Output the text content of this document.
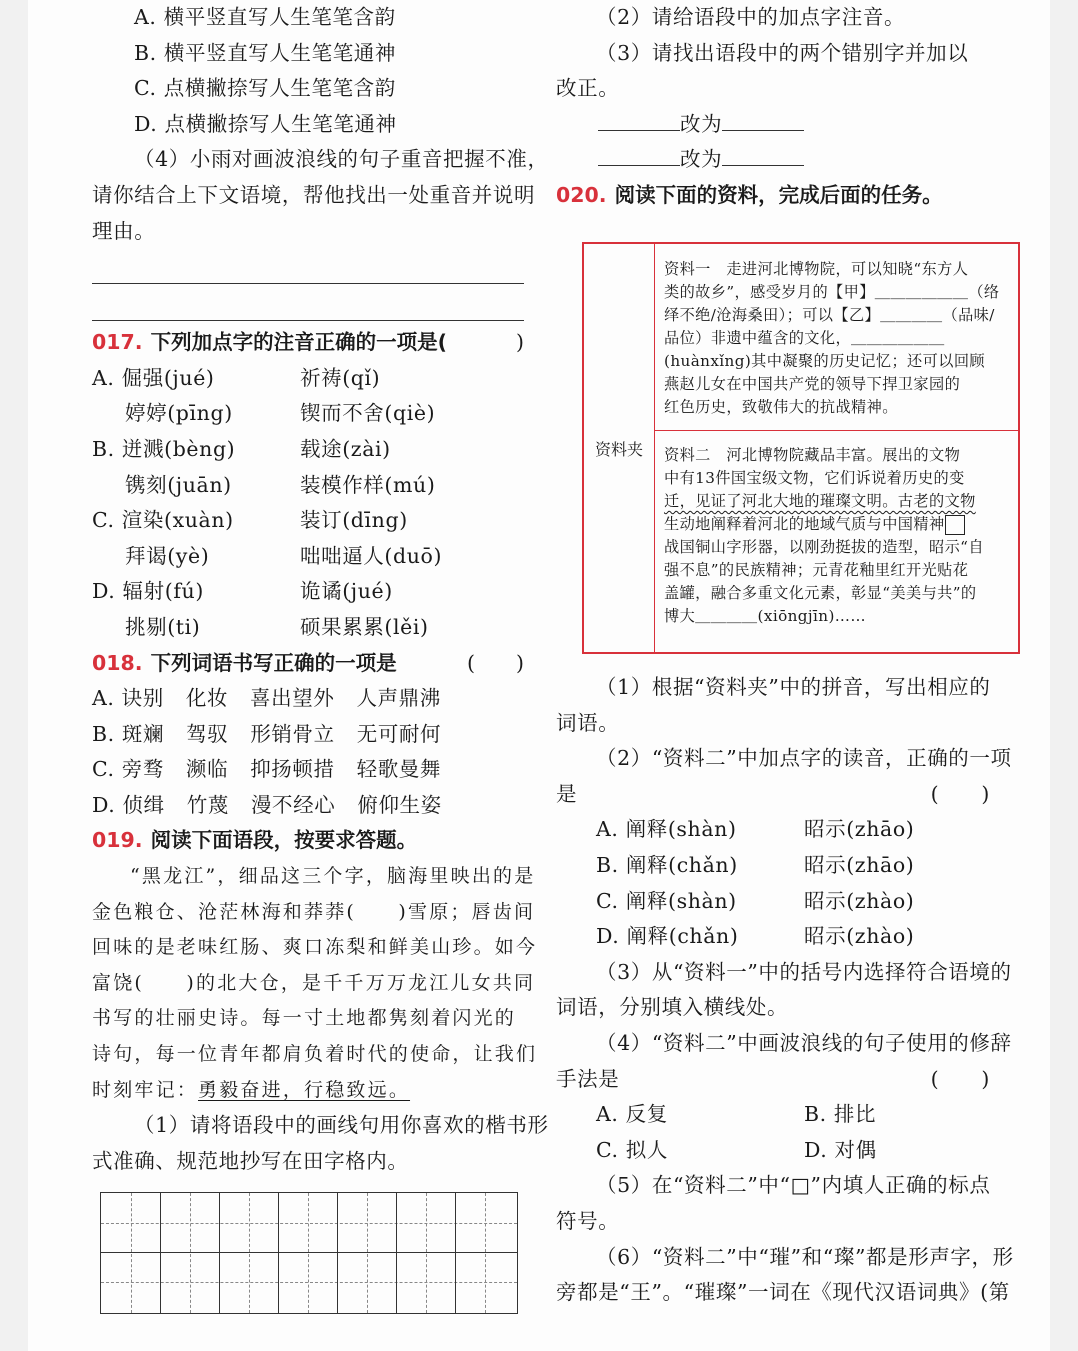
A. 横平竖直写人生笔笔含韵
B. 横平竖直写人生笔笔通神
C. 点横撇捺写人生笔笔含韵
D. 点横撇捺写人生笔笔通神
（4）小雨对画波浪线的句子重音把握不准，
请你结合上下文语境，帮他找出一处重音并说明
理由。
017. 下列加点字的注音正确的一项是(	)
A. 倔强(jué)	祈祷(qǐ)
婷婷(pīng)	锲而不舍(qiè)
B. 迸溅(bèng)	载途(zài)
镌刻(juān)	装模作样(mú)
C. 渲染(xuàn)	装订(dīng)
拜谒(yè)	咄咄逼人(duō)
D. 辐射(fú)	诡谲(jué)
挑剔(ti)	硕果累累(lěi)
018. 下列词语书写正确的一项是	(　　)
A. 诀别 化妆 喜出望外 人声鼎沸
B. 斑斓 驾驭 形销骨立 无可耐何
C. 旁骛 濒临 抑扬顿措 轻歌曼舞
D. 侦缉 竹蔑 漫不经心 俯仰生姿
019. 阅读下面语段，按要求答题。
“黑龙江”，细品这三个字，脑海里映出的是
金色粮仓、沧茫林海和莽莽(　　)雪原；唇齿间
回味的是老味红肠、爽口冻梨和鲜美山珍。如今
富饶(　　)的北大仓，是千千万万龙江儿女共同
书写的壮丽史诗。每一寸土地都隽刻着闪光的
诗句，每一位青年都肩负着时代的使命，让我们
时刻牢记：勇毅奋进，行稳致远。
（1）请将语段中的画线句用你喜欢的楷书形
式准确、规范地抄写在田字格内。
（2）请给语段中的加点字注音。
（3）请找出语段中的两个错别字并加以
改正。
改为
改为
020. 阅读下面的资料，完成后面的任务。
资料夹
资料一　走进河北博物院，可以知晓“东方人
类的故乡”，感受岁月的【甲】＿＿＿＿＿＿（络
绎不绝/沧海桑田）；可以【乙】＿＿＿＿（品味/
品位）非遗中蕴含的文化，＿＿＿＿＿＿
(huànxǐng)其中凝聚的历史记忆；还可以回顾
燕赵儿女在中国共产党的领导下捍卫家园的
红色历史，致敬伟大的抗战精神。
资料二　河北博物院藏品丰富。展出的文物
中有13件国宝级文物，它们诉说着历史的变
迁，见证了河北大地的璀璨文明。古老的文物
生动地阐释着河北的地域气质与中国精神
战国铜山字形器，以刚劲挺拔的造型，昭示“自
强不息”的民族精神；元青花釉里红开光贴花
盖罐，融合多重文化元素，彰显“美美与共”的
博大＿＿＿＿(xiōngjīn)……
（1）根据“资料夹”中的拼音，写出相应的
词语。
（2）“资料二”中加点字的读音，正确的一项
是	(　　)
A. 阐释(shàn)	昭示(zhāo)
B. 阐释(chǎn)	昭示(zhāo)
C. 阐释(shàn)	昭示(zhào)
D. 阐释(chǎn)	昭示(zhào)
（3）从“资料一”中的括号内选择符合语境的
词语，分别填入横线处。
（4）“资料二”中画波浪线的句子使用的修辞
手法是	(　　)
A. 反复	B. 排比
C. 拟人	D. 对偶
（5）在“资料二”中“□”内填人正确的标点
符号。
（6）“资料二”中“璀”和“璨”都是形声字，形
旁都是“王”。“璀璨”一词在《现代汉语词典》(第
